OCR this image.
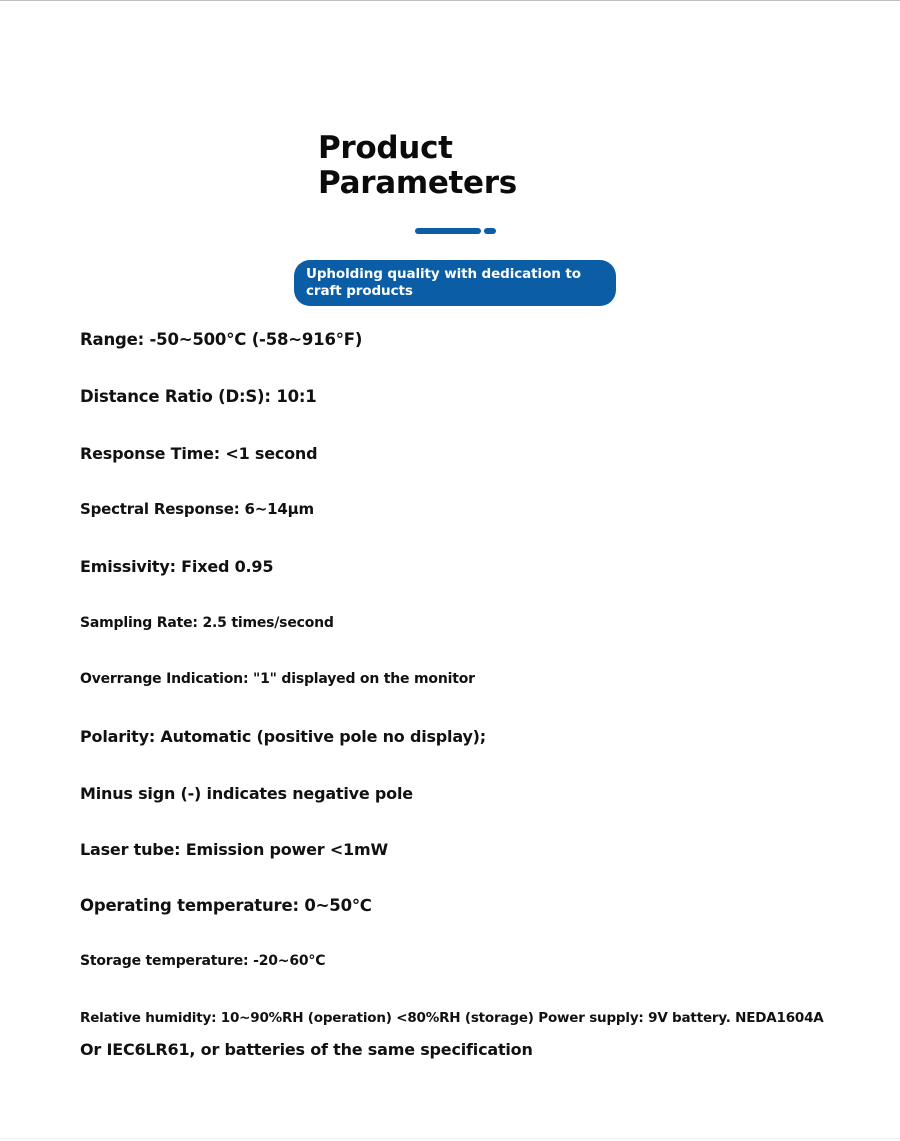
Product
Parameters
Upholding quality with dedication to craft products

Range: -50~500°C (-58~916°F)

Distance Ratio (D:S): 10:1

Response Time: <1 second

Spectral Response: 6~14μm

Emissivity: Fixed 0.95

Sampling Rate: 2.5 times/second

Overrange Indication: "1" displayed on the monitor

Polarity: Automatic (positive pole no display);

Minus sign (-) indicates negative pole

Laser tube: Emission power <1mW

Operating temperature: 0~50℃

Storage temperature: -20~60°C

Relative humidity: 10~90%RH (operation) <80%RH (storage) Power supply: 9V battery. NEDA1604A

Or IEC6LR61, or batteries of the same specification
